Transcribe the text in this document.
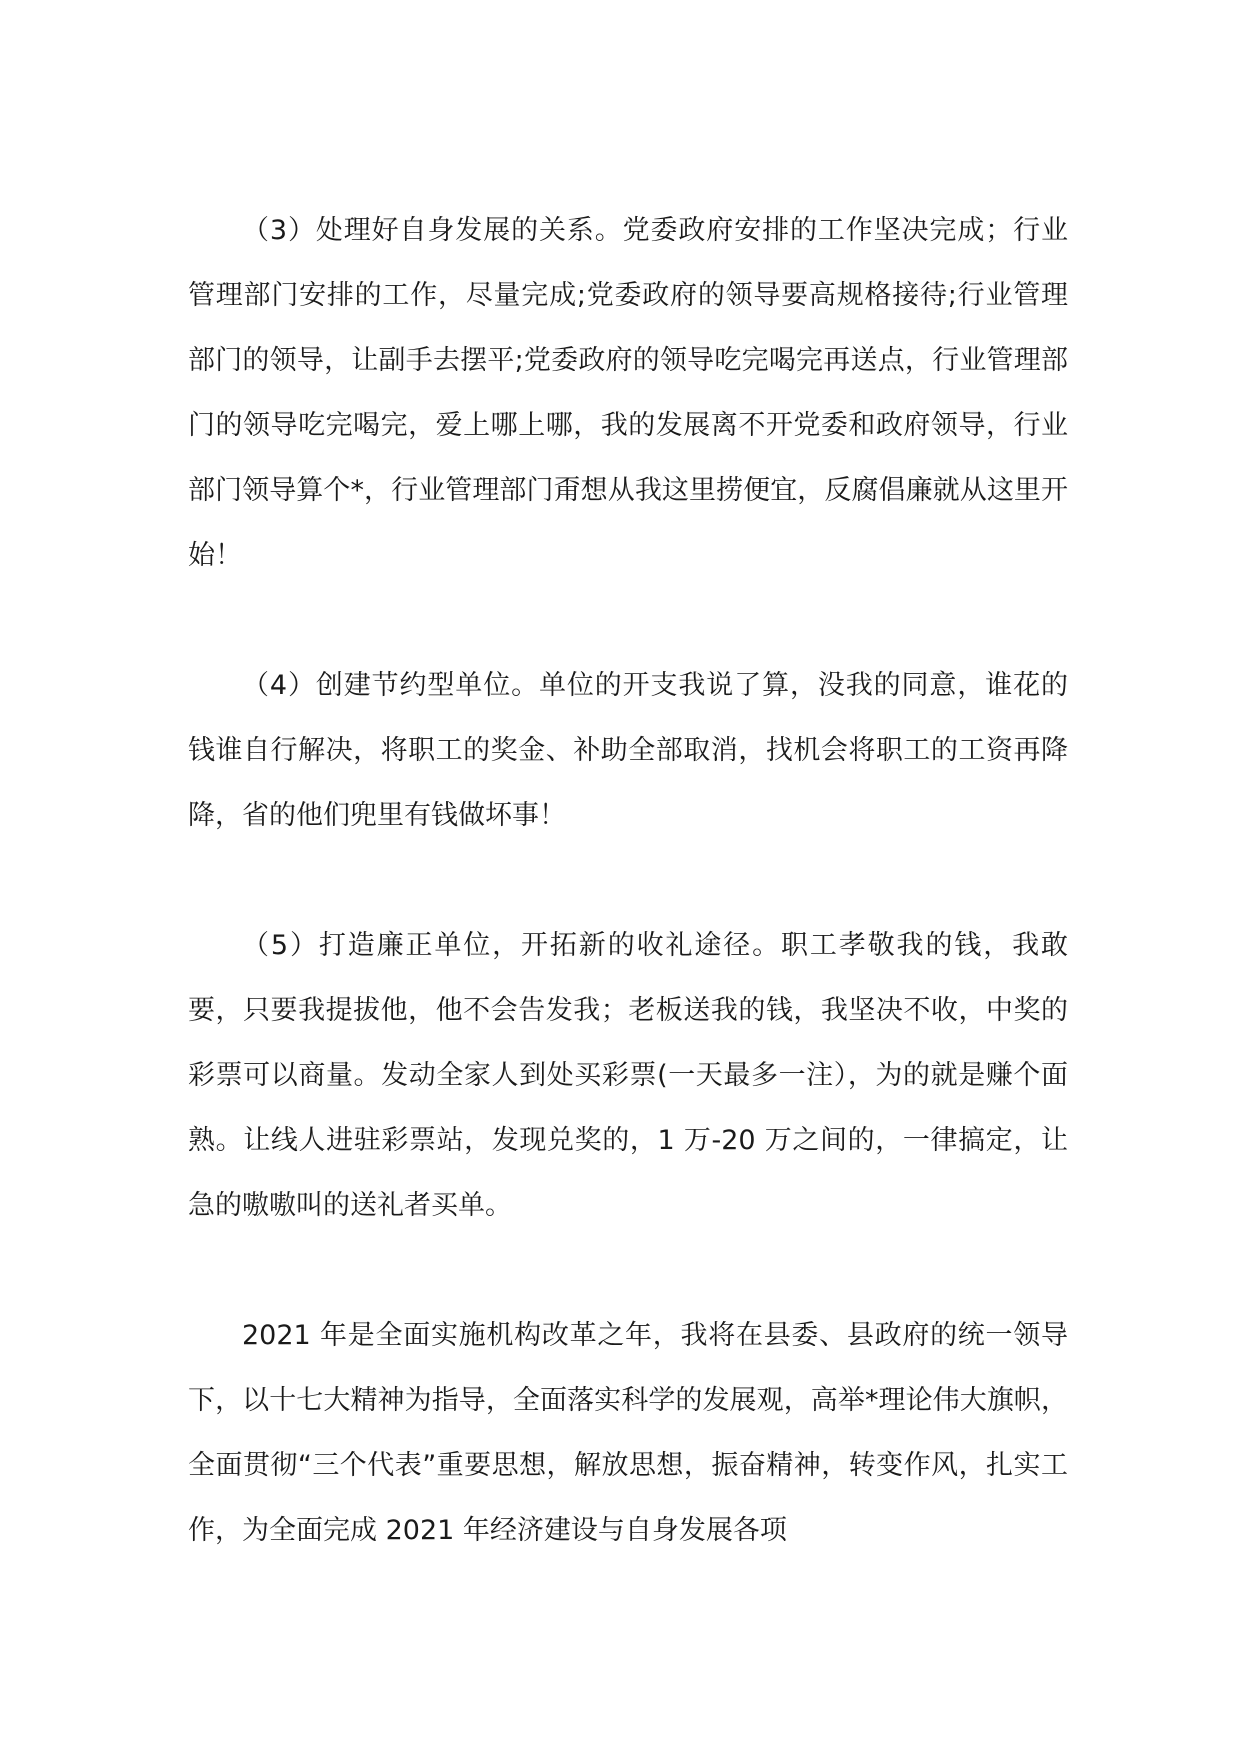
（3）处理好自身发展的关系。党委政府安排的工作坚决完成；行业管理部门安排的工作，尽量完成;党委政府的领导要高规格接待;行业管理部门的领导，让副手去摆平;党委政府的领导吃完喝完再送点，行业管理部门的领导吃完喝完，爱上哪上哪，我的发展离不开党委和政府领导，行业部门领导算个*，行业管理部门甭想从我这里捞便宜，反腐倡廉就从这里开始！

（4）创建节约型单位。单位的开支我说了算，没我的同意，谁花的钱谁自行解决，将职工的奖金、补助全部取消，找机会将职工的工资再降降，省的他们兜里有钱做坏事！

（5）打造廉正单位，开拓新的收礼途径。职工孝敬我的钱，我敢要，只要我提拔他，他不会告发我；老板送我的钱，我坚决不收，中奖的彩票可以商量。发动全家人到处买彩票(一天最多一注），为的就是赚个面熟。让线人进驻彩票站，发现兑奖的，1 万-20 万之间的，一律搞定，让急的嗷嗷叫的送礼者买单。

2021 年是全面实施机构改革之年，我将在县委、县政府的统一领导下，以十七大精神为指导，全面落实科学的发展观，高举*理论伟大旗帜，全面贯彻“三个代表”重要思想，解放思想，振奋精神，转变作风，扎实工作，为全面完成 2021 年经济建设与自身发展各项
